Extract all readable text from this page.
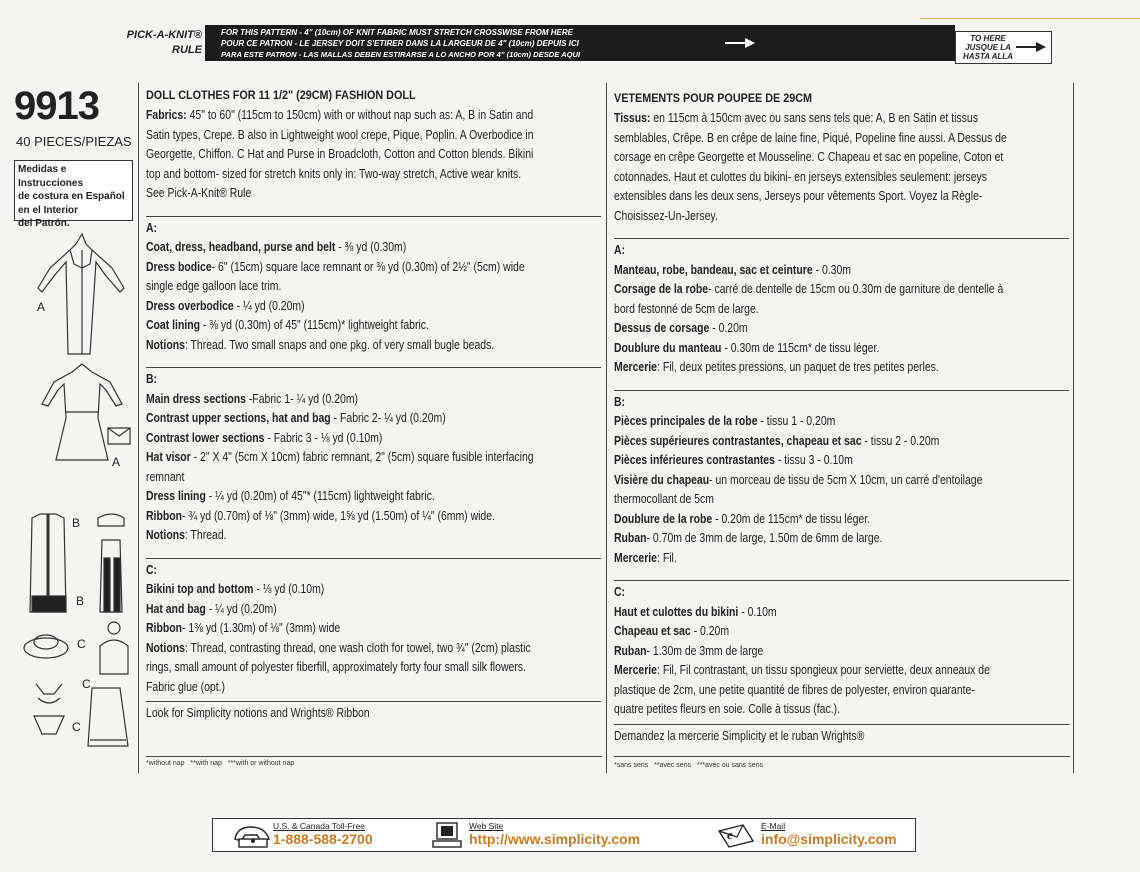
PICK-A-KNIT®
RULE
FOR THIS PATTERN - 4" (10cm) OF KNIT FABRIC MUST STRETCH CROSSWISE FROM HERE
POUR CE PATRON - LE JERSEY DOIT S'ETIRER DANS LA LARGEUR DE 4" (10cm) DEPUIS ICI
PARA ESTE PATRON - LAS MALLAS DEBEN ESTIRARSE A LO ANCHO POR 4" (10cm) DESDE AQUI
TO HERE
JUSQUE LA
HASTA ALLA
9913
40 PIECES/PIEZAS
Medidas e Instrucciones
de costura en Español
en el Interior
del Patrón.
A
A
B
B
C
C
C
DOLL CLOTHES FOR 11 1/2" (29CM) FASHION DOLL
Fabrics: 45" to 60" (115cm to 150cm) with or without nap such as: A, B in Satin and
Satin types, Crepe. B also in Lightweight wool crepe, Pique, Poplin. A Overbodice in
Georgette, Chiffon. C Hat and Purse in Broadcloth, Cotton and Cotton blends. Bikini
top and bottom- sized for stretch knits only in: Two-way stretch, Active wear knits.
See Pick-A-Knit® Rule
A:
Coat, dress, headband, purse and belt - ⅜ yd (0.30m)
Dress bodice- 6" (15cm) square lace remnant or ⅜ yd (0.30m) of 2½" (5cm) wide
single edge galloon lace trim.
Dress overbodice - ¼ yd (0.20m)
Coat lining - ⅜ yd (0.30m) of 45" (115cm)* lightweight fabric.
Notions: Thread. Two small snaps and one pkg. of very small bugle beads.
B:
Main dress sections -Fabric 1- ¼ yd (0.20m)
Contrast upper sections, hat and bag - Fabric 2- ¼ yd (0.20m)
Contrast lower sections - Fabric 3 - ⅛ yd (0.10m)
Hat visor - 2" X 4" (5cm X 10cm) fabric remnant, 2" (5cm) square fusible interfacing
remnant
Dress lining - ¼ yd (0.20m) of 45"* (115cm) lightweight fabric.
Ribbon- ¾ yd (0.70m) of ⅛" (3mm) wide, 1⅝ yd (1.50m) of ¼" (6mm) wide.
Notions: Thread.
C:
Bikini top and bottom - ⅛ yd (0.10m)
Hat and bag - ¼ yd (0.20m)
Ribbon- 1⅜ yd (1.30m) of ⅛" (3mm) wide
Notions: Thread, contrasting thread, one wash cloth for towel, two ¾" (2cm) plastic
rings, small amount of polyester fiberfill, approximately forty four small silk flowers.
Fabric glue (opt.)
Look for Simplicity notions and Wrights® Ribbon
VETEMENTS POUR POUPEE DE 29CM
Tissus: en 115cm à 150cm avec ou sans sens tels que: A, B en Satin et tissus
semblables, Crêpe. B en crêpe de laine fine, Piqué, Popeline fine aussi. A Dessus de
corsage en crêpe Georgette et Mousseline. C Chapeau et sac en popeline, Coton et
cotonnades. Haut et culottes du bikini- en jerseys extensibles seulement: jerseys
extensibles dans les deux sens, Jerseys pour vêtements Sport. Voyez la Règle-
Choisissez-Un-Jersey.
A:
Manteau, robe, bandeau, sac et ceinture - 0.30m
Corsage de la robe- carré de dentelle de 15cm ou 0.30m de garniture de dentelle à
bord festonné de 5cm de large.
Dessus de corsage - 0.20m
Doublure du manteau - 0.30m de 115cm* de tissu léger.
Mercerie: Fil, deux petites pressions, un paquet de tres petites perles.
B:
Pièces principales de la robe - tissu 1 - 0.20m
Pièces supérieures contrastantes, chapeau et sac - tissu 2 - 0.20m
Pièces inférieures contrastantes - tissu 3 - 0.10m
Visière du chapeau- un morceau de tissu de 5cm X 10cm, un carré d'entoilage
thermocollant de 5cm
Doublure de la robe - 0.20m de 115cm* de tissu léger.
Ruban- 0.70m de 3mm de large, 1.50m de 6mm de large.
Mercerie: Fil.
C:
Haut et culottes du bikini - 0.10m
Chapeau et sac - 0.20m
Ruban- 1.30m de 3mm de large
Mercerie: Fil, Fil contrastant, un tissu spongieux pour serviette, deux anneaux de
plastique de 2cm, une petite quantité de fibres de polyester, environ quarante-
quatre petites fleurs en soie. Colle à tissus (fac.).
Demandez la mercerie Simplicity et le ruban Wrights®
*without nap   **with nap   ***with or without nap	*sans sens   **avec sens   ***avec ou sans sens
U.S. & Canada Toll-Free
1-888-588-2700
Web Site
http://www.simplicity.com	e
E-Mail
info@simplicity.com
